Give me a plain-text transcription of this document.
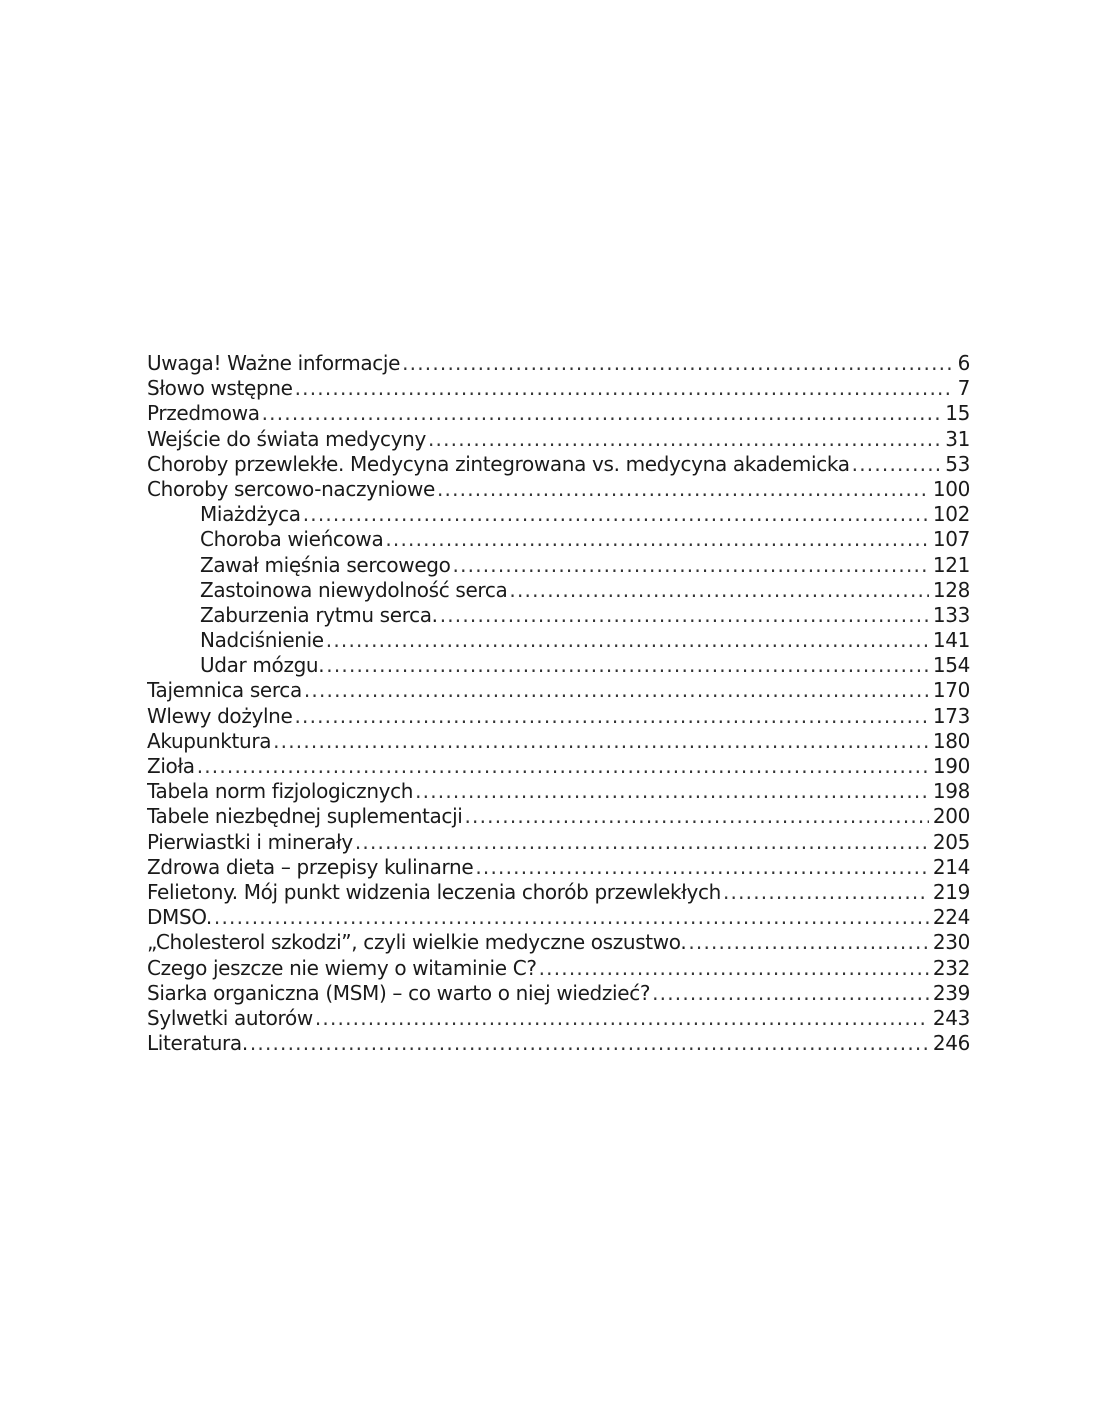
Uwaga! Ważne informacje .....	6
Słowo wstępne .....	7
Przedmowa .....	15
Wejście do świata medycyny .....	31
Choroby przewlekłe. Medycyna zintegrowana vs. medycyna akademicka .....	53
Choroby sercowo-naczyniowe .....	100
Miażdżyca .....	102
Choroba wieńcowa .....	107
Zawał mięśnia sercowego .....	121
Zastoinowa niewydolność serca .....	128
Zaburzenia rytmu serca. .....	133
Nadciśnienie .....	141
Udar mózgu. .....	154
Tajemnica serca .....	170
Wlewy dożylne .....	173
Akupunktura .....	180
Zioła .....	190
Tabela norm fizjologicznych .....	198
Tabele niezbędnej suplementacji .....	200
Pierwiastki i minerały .....	205
Zdrowa dieta – przepisy kulinarne .....	214
Felietony. Mój punkt widzenia leczenia chorób przewlekłych .....	219
DMSO. .....	224
„Cholesterol szkodzi”, czyli wielkie medyczne oszustwo. .....	230
Czego jeszcze nie wiemy o witaminie C? .....	232
Siarka organiczna (MSM) – co warto o niej wiedzieć? .....	239
Sylwetki autorów .....	243
Literatura. .....	246
